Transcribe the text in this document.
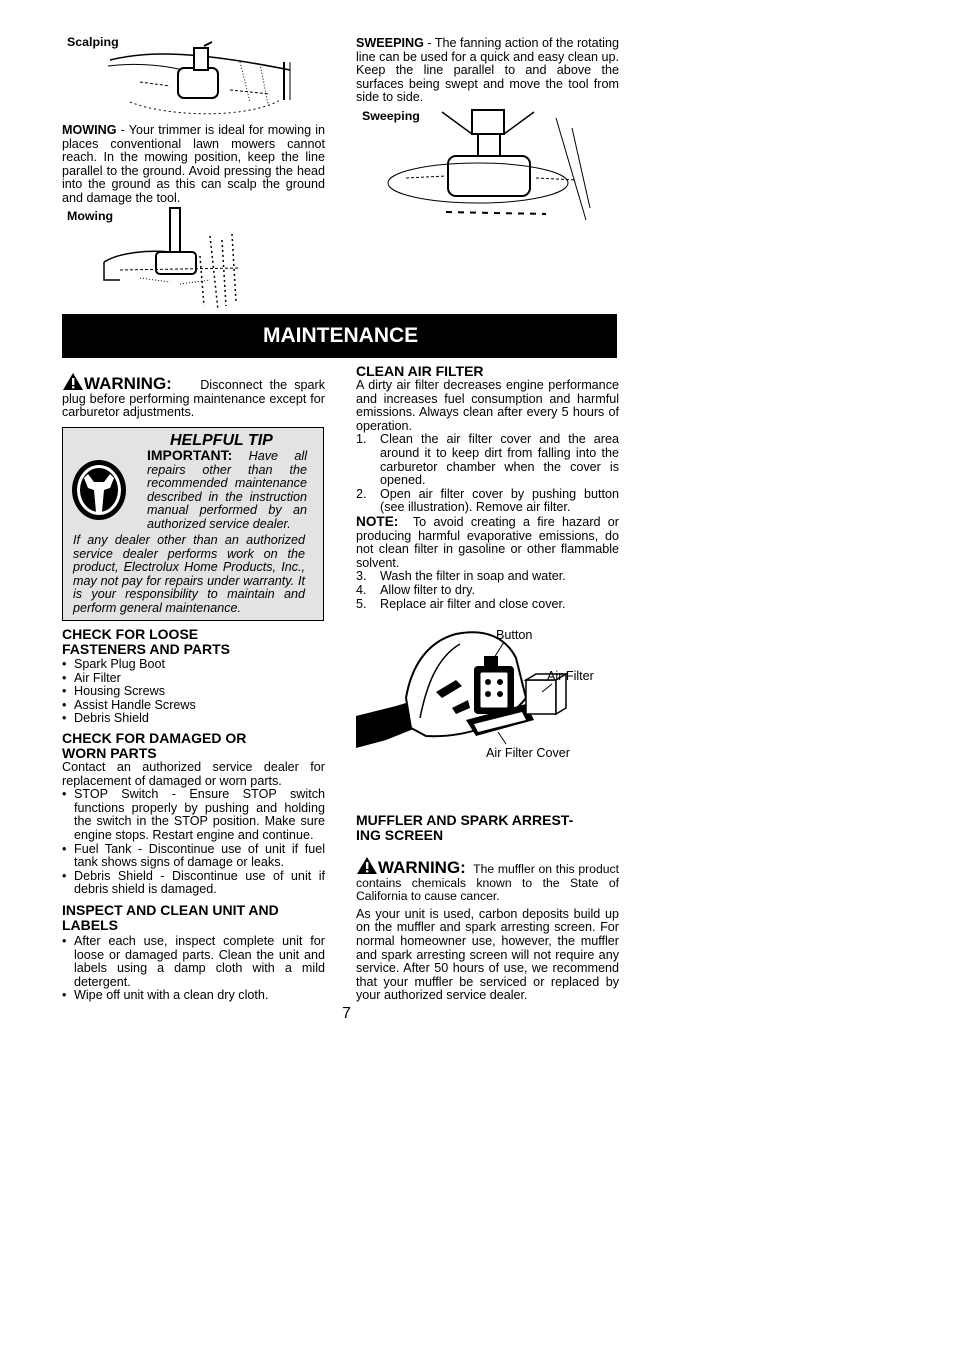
Scalping

MOWING - Your trimmer is ideal for mowing in places conventional lawn mowers cannot reach. In the mowing position, keep the line parallel to the ground. Avoid pressing the head into the ground as this can scalp the ground and damage the tool.

Mowing

SWEEPING - The fanning action of the rotating line can be used for a quick and easy clean up. Keep the line parallel to and above the surfaces being swept and move the tool from side to side.

Sweeping
MAINTENANCE

WARNING: Disconnect the spark plug before performing maintenance except for carburetor adjustments.

HELPFUL TIP
IMPORTANT: Have all repairs other than the recommended maintenance described in the instruction manual performed by an authorized service dealer.

If any dealer other than an authorized service dealer performs work on the product, Electrolux Home Products, Inc., may not pay for repairs under warranty. It is your responsibility to maintain and perform general maintenance.

CHECK FOR LOOSE

FASTENERS AND PARTS

• Spark Plug Boot
• Air Filter
• Housing Screws
• Assist Handle Screws
• Debris Shield

CHECK FOR DAMAGED OR

WORN PARTS

Contact an authorized service dealer for replacement of damaged or worn parts.

• STOP Switch - Ensure STOP switch functions properly by pushing and holding the switch in the STOP position. Make sure engine stops. Restart engine and continue.
• Fuel Tank - Discontinue use of unit if fuel tank shows signs of damage or leaks.
• Debris Shield - Discontinue use of unit if debris shield is damaged.

INSPECT AND CLEAN UNIT AND

LABELS

• After each use, inspect complete unit for loose or damaged parts. Clean the unit and labels using a damp cloth with a mild detergent.
• Wipe off unit with a clean dry cloth.

CLEAN AIR FILTER

A dirty air filter decreases engine performance and increases fuel consumption and harmful emissions. Always clean after every 5 hours of operation.

1. Clean the air filter cover and the area around it to keep dirt from falling into the carburetor chamber when the cover is opened.
2. Open air filter cover by pushing button (see illustration). Remove air filter.

NOTE: To avoid creating a fire hazard or producing harmful evaporative emissions, do not clean filter in gasoline or other flammable solvent.

3. Wash the filter in soap and water.
4. Allow filter to dry.
5. Replace air filter and close cover.
Button
Air Filter
Air Filter Cover

MUFFLER AND SPARK ARREST-

ING SCREEN

WARNING: The muffler on this product contains chemicals known to the State of California to cause cancer.

As your unit is used, carbon deposits build up on the muffler and spark arresting screen. For normal homeowner use, however, the muffler and spark arresting screen will not require any service. After 50 hours of use, we recommend that your muffler be serviced or replaced by your authorized service dealer.

7
